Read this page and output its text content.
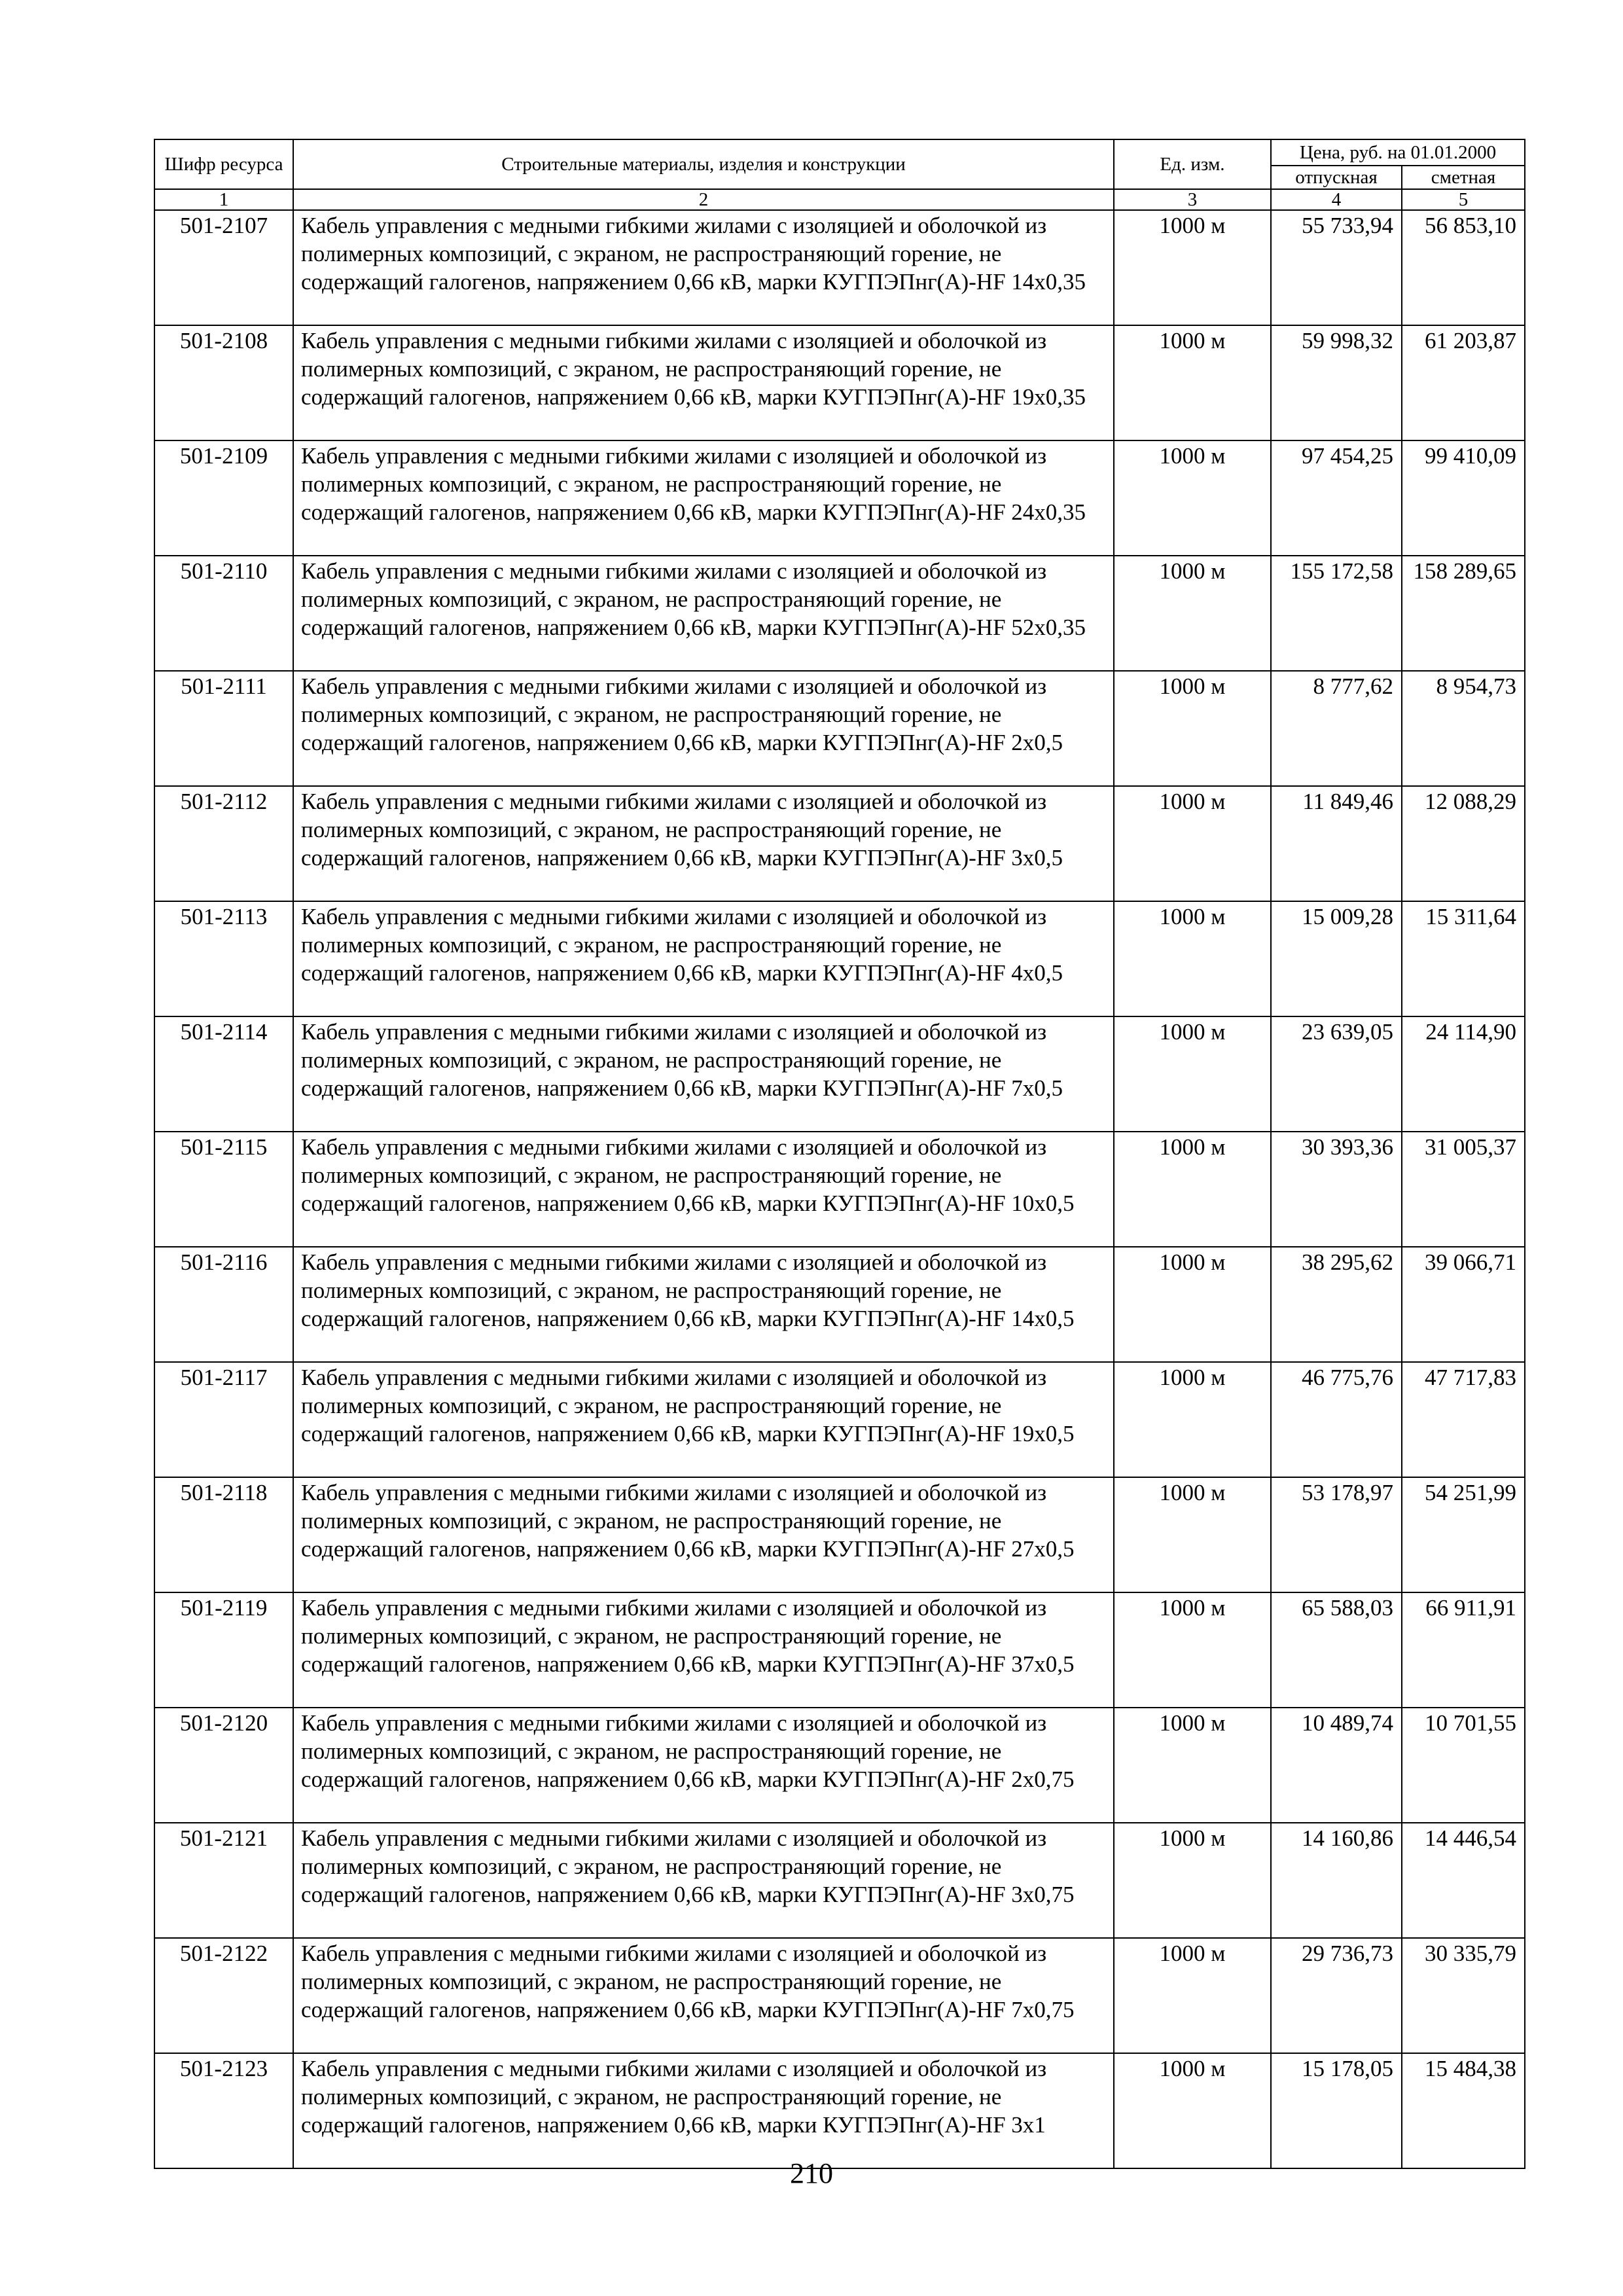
Шифр ресурса	Строительные материалы, изделия и конструкции	Ед. изм.	Цена, руб. на 01.01.2000	
			отпускная	сметная
1	2	3	4	5
501-2107	Кабель управления с медными гибкими жилами с изоляцией и оболочкой из полимерных композиций, с экраном, не распространяющий горение, не содержащий галогенов, напряжением 0,66 кВ, марки КУГПЭПнг(А)-HF 14х0,35	1000 м	55 733,94	56 853,10
501-2108	Кабель управления с медными гибкими жилами с изоляцией и оболочкой из полимерных композиций, с экраном, не распространяющий горение, не содержащий галогенов, напряжением 0,66 кВ, марки КУГПЭПнг(А)-HF 19х0,35	1000 м	59 998,32	61 203,87
501-2109	Кабель управления с медными гибкими жилами с изоляцией и оболочкой из полимерных композиций, с экраном, не распространяющий горение, не содержащий галогенов, напряжением 0,66 кВ, марки КУГПЭПнг(А)-HF 24х0,35	1000 м	97 454,25	99 410,09
501-2110	Кабель управления с медными гибкими жилами с изоляцией и оболочкой из полимерных композиций, с экраном, не распространяющий горение, не содержащий галогенов, напряжением 0,66 кВ, марки КУГПЭПнг(А)-HF 52х0,35	1000 м	155 172,58	158 289,65
501-2111	Кабель управления с медными гибкими жилами с изоляцией и оболочкой из полимерных композиций, с экраном, не распространяющий горение, не содержащий галогенов, напряжением 0,66 кВ, марки КУГПЭПнг(А)-HF 2х0,5	1000 м	8 777,62	8 954,73
501-2112	Кабель управления с медными гибкими жилами с изоляцией и оболочкой из полимерных композиций, с экраном, не распространяющий горение, не содержащий галогенов, напряжением 0,66 кВ, марки КУГПЭПнг(А)-HF 3х0,5	1000 м	11 849,46	12 088,29
501-2113	Кабель управления с медными гибкими жилами с изоляцией и оболочкой из полимерных композиций, с экраном, не распространяющий горение, не содержащий галогенов, напряжением 0,66 кВ, марки КУГПЭПнг(А)-HF 4х0,5	1000 м	15 009,28	15 311,64
501-2114	Кабель управления с медными гибкими жилами с изоляцией и оболочкой из полимерных композиций, с экраном, не распространяющий горение, не содержащий галогенов, напряжением 0,66 кВ, марки КУГПЭПнг(А)-HF 7х0,5	1000 м	23 639,05	24 114,90
501-2115	Кабель управления с медными гибкими жилами с изоляцией и оболочкой из полимерных композиций, с экраном, не распространяющий горение, не содержащий галогенов, напряжением 0,66 кВ, марки КУГПЭПнг(А)-HF 10х0,5	1000 м	30 393,36	31 005,37
501-2116	Кабель управления с медными гибкими жилами с изоляцией и оболочкой из полимерных композиций, с экраном, не распространяющий горение, не содержащий галогенов, напряжением 0,66 кВ, марки КУГПЭПнг(А)-HF 14х0,5	1000 м	38 295,62	39 066,71
501-2117	Кабель управления с медными гибкими жилами с изоляцией и оболочкой из полимерных композиций, с экраном, не распространяющий горение, не содержащий галогенов, напряжением 0,66 кВ, марки КУГПЭПнг(А)-HF 19х0,5	1000 м	46 775,76	47 717,83
501-2118	Кабель управления с медными гибкими жилами с изоляцией и оболочкой из полимерных композиций, с экраном, не распространяющий горение, не содержащий галогенов, напряжением 0,66 кВ, марки КУГПЭПнг(А)-HF 27х0,5	1000 м	53 178,97	54 251,99
501-2119	Кабель управления с медными гибкими жилами с изоляцией и оболочкой из полимерных композиций, с экраном, не распространяющий горение, не содержащий галогенов, напряжением 0,66 кВ, марки КУГПЭПнг(А)-HF 37х0,5	1000 м	65 588,03	66 911,91
501-2120	Кабель управления с медными гибкими жилами с изоляцией и оболочкой из полимерных композиций, с экраном, не распространяющий горение, не содержащий галогенов, напряжением 0,66 кВ, марки КУГПЭПнг(А)-HF 2х0,75	1000 м	10 489,74	10 701,55
501-2121	Кабель управления с медными гибкими жилами с изоляцией и оболочкой из полимерных композиций, с экраном, не распространяющий горение, не содержащий галогенов, напряжением 0,66 кВ, марки КУГПЭПнг(А)-HF 3х0,75	1000 м	14 160,86	14 446,54
501-2122	Кабель управления с медными гибкими жилами с изоляцией и оболочкой из полимерных композиций, с экраном, не распространяющий горение, не содержащий галогенов, напряжением 0,66 кВ, марки КУГПЭПнг(А)-HF 7х0,75	1000 м	29 736,73	30 335,79
501-2123	Кабель управления с медными гибкими жилами с изоляцией и оболочкой из полимерных композиций, с экраном, не распространяющий горение, не содержащий галогенов, напряжением 0,66 кВ, марки КУГПЭПнг(А)-HF 3х1	1000 м	15 178,05	15 484,38
210
